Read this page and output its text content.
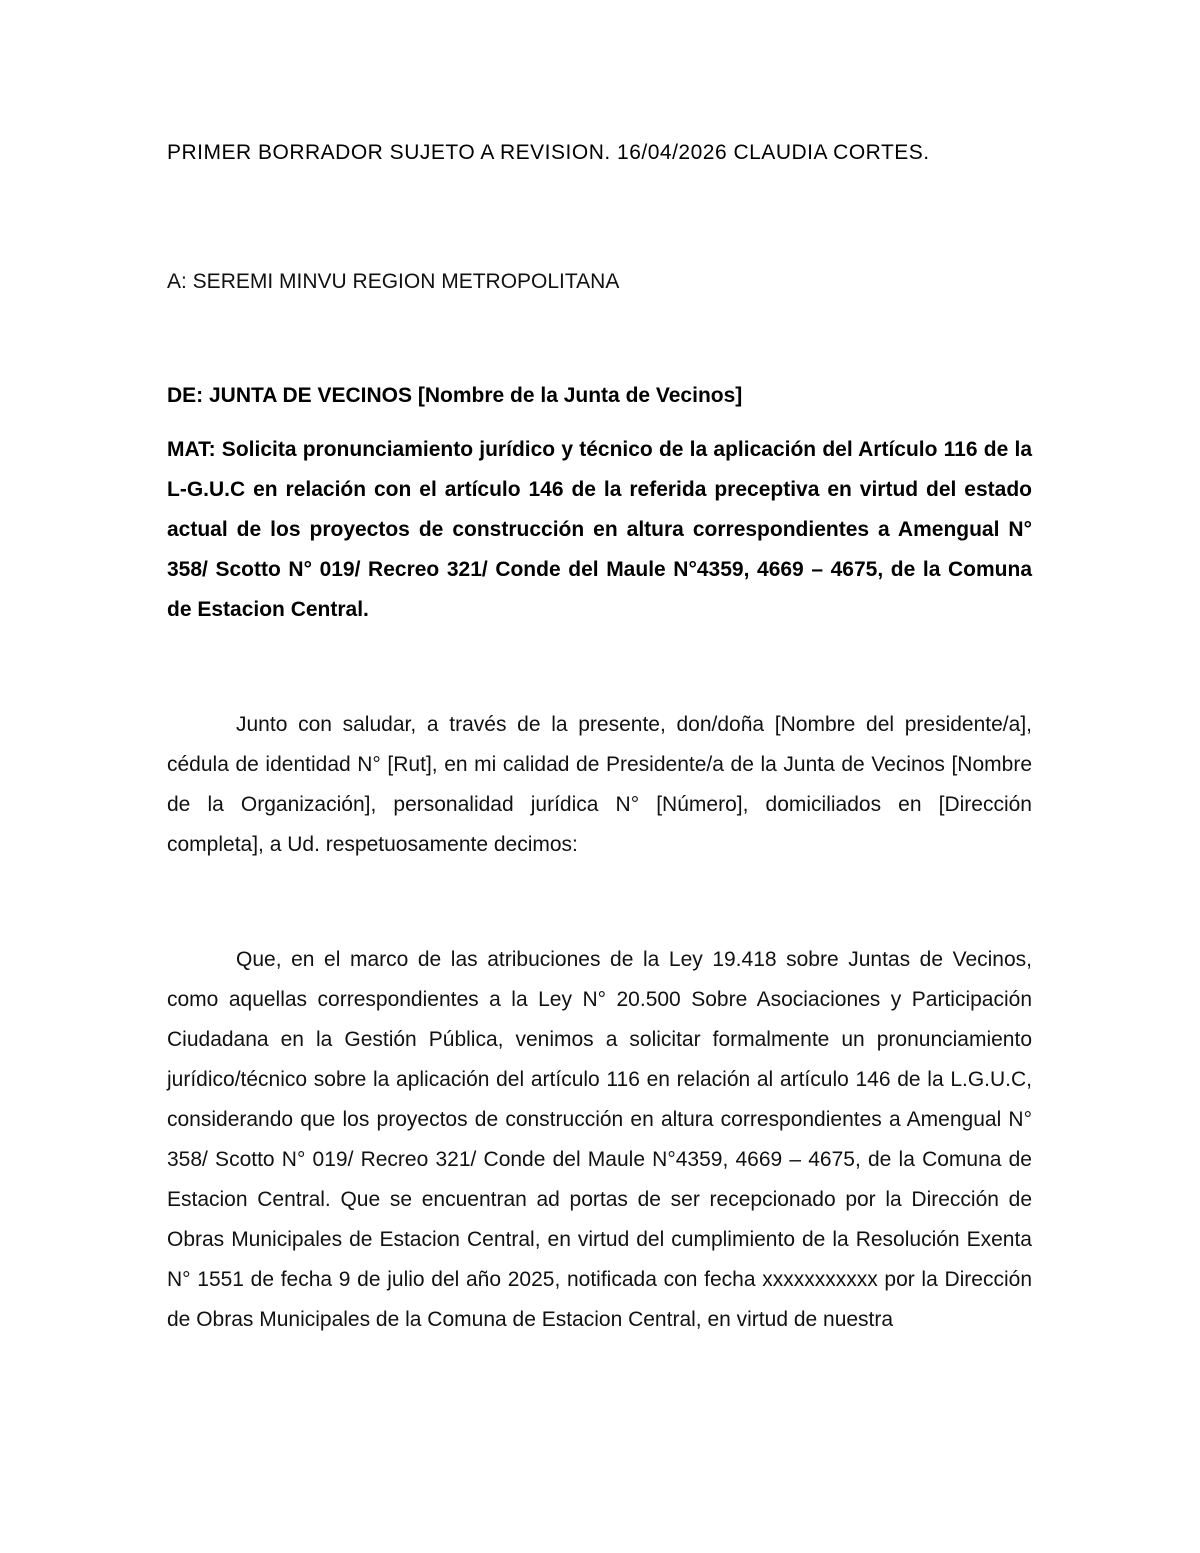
PRIMER BORRADOR SUJETO A REVISION. 16/04/2026 CLAUDIA CORTES.
A: SEREMI MINVU REGION METROPOLITANA
DE: JUNTA DE VECINOS [Nombre de la Junta de Vecinos]
MAT: Solicita pronunciamiento jurídico y técnico de la aplicación del Artículo 116 de la L-G.U.C en relación con el artículo 146 de la referida preceptiva en virtud del estado actual de los proyectos de construcción en altura correspondientes a Amengual N° 358/ Scotto N° 019/ Recreo 321/ Conde del Maule N°4359, 4669 – 4675, de la Comuna de Estacion Central.
Junto con saludar, a través de la presente, don/doña [Nombre del presidente/a], cédula de identidad N° [Rut], en mi calidad de Presidente/a de la Junta de Vecinos [Nombre de la Organización], personalidad jurídica N° [Número], domiciliados en [Dirección completa], a Ud. respetuosamente decimos:
Que, en el marco de las atribuciones de la Ley 19.418 sobre Juntas de Vecinos, como aquellas correspondientes a la Ley N° 20.500 Sobre Asociaciones y Participación Ciudadana en la Gestión Pública, venimos a solicitar formalmente un pronunciamiento jurídico/técnico sobre la aplicación del artículo 116 en relación al artículo 146 de la L.G.U.C, considerando que los proyectos de construcción en altura correspondientes a Amengual N° 358/ Scotto N° 019/ Recreo 321/ Conde del Maule N°4359, 4669 – 4675, de la Comuna de Estacion Central. Que se encuentran ad portas de ser recepcionado por la Dirección de Obras Municipales de Estacion Central, en virtud del cumplimiento de la Resolución Exenta N° 1551 de fecha 9 de julio del año 2025, notificada con fecha xxxxxxxxxxx por la Dirección de Obras Municipales de la Comuna de Estacion Central, en virtud de nuestra
